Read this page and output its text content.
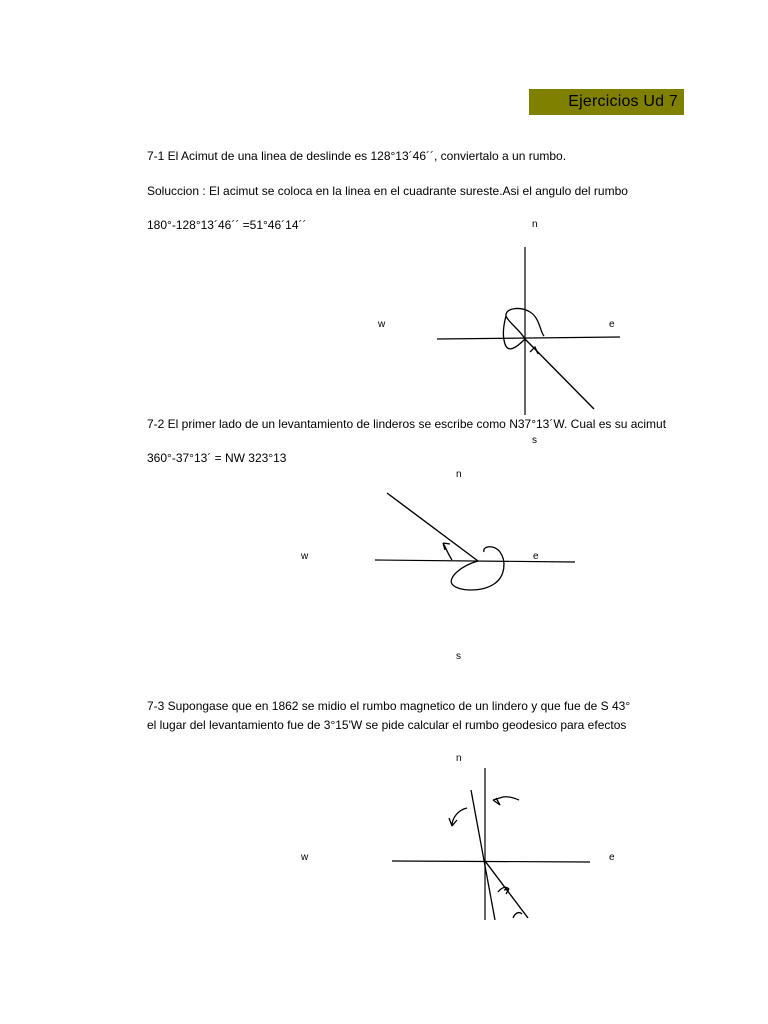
Ejercicios Ud 7
7-1 El Acimut de una linea de deslinde es 128°13´46´´, conviertalo a un rumbo.
Soluccion : El acimut se coloca en la linea en el cuadrante sureste.Asi el angulo del rumbo
180°-128°13´46´´ =51°46´14´´
7-2 El primer lado de un levantamiento de linderos se escribe como N37°13´W. Cual es su acimut
360°-37°13´ = NW 323°13
7-3 Supongase que en 1862 se midio el rumbo magnetico de un lindero y que fue de S 43°
el lugar del levantamiento fue de 3°15'W se pide calcular el rumbo geodesico para efectos
n
w	e
s
n
w	e
s
n
w	e
